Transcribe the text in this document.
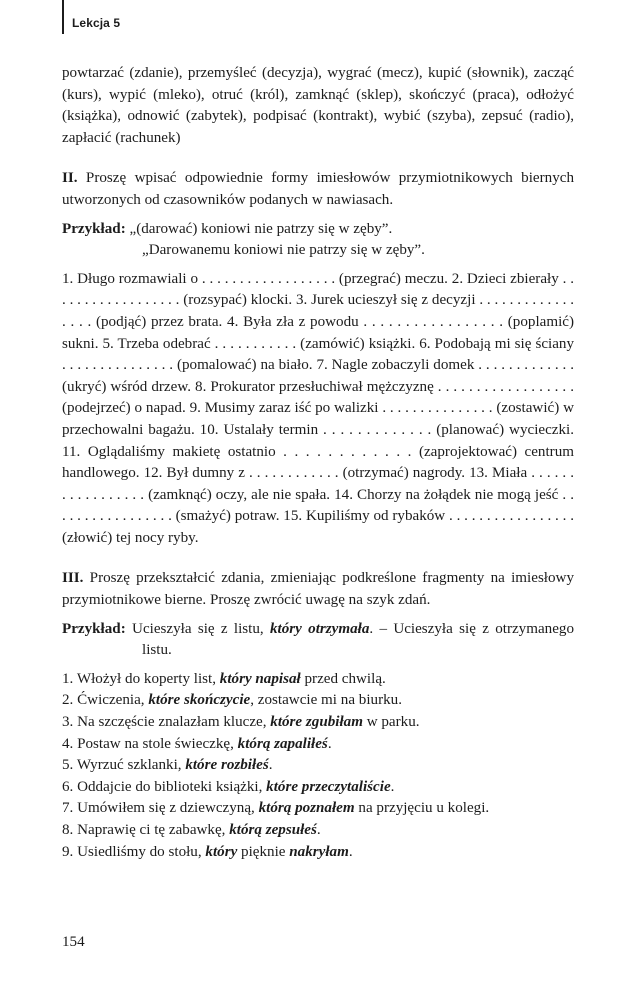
Lekcja 5

powtarzać (zdanie), przemyśleć (decyzja), wygrać (mecz), kupić (słownik), zacząć (kurs), wypić (mleko), otruć (król), zamknąć (sklep), skończyć (praca), odłożyć (książka), odnowić (zabytek), podpisać (kontrakt), wybić (szyba), zepsuć (radio), zapłacić (rachunek)

II. Proszę wpisać odpowiednie formy imiesłowów przymiotnikowych biernych utworzonych od czasowników podanych w nawiasach.

Przykład: „(darować) koniowi nie patrzy się w zęby”.

„Darowanemu koniowi nie patrzy się w zęby”.

1. Długo rozmawiali o . . . . . . . . . . . . . . . . . . (przegrać) meczu. 2. Dzieci zbierały . . . . . . . . . . . . . . . . . . (rozsypać) klocki. 3. Jurek ucieszył się z decyzji . . . . . . . . . . . . . . . . . (podjąć) przez brata. 4. Była zła z powodu . . . . . . . . . . . . . . . . . (poplamić) sukni. 5. Trzeba odebrać . . . . . . . . . . . (zamówić) książki. 6. Podobają mi się ściany . . . . . . . . . . . . . . . (pomalować) na biało. 7. Nagle zobaczyli domek . . . . . . . . . . . . . (ukryć) wśród drzew. 8. Prokurator przesłuchiwał mężczyznę . . . . . . . . . . . . . . . . . . (podejrzeć) o napad. 9. Musimy zaraz iść po walizki . . . . . . . . . . . . . . . (zostawić) w przechowalni bagażu. 10. Ustalały termin . . . . . . . . . . . . . (planować) wycieczki. 11. Oglądaliśmy makietę ostatnio . . . . . . . . . . . . (zaprojektować) centrum handlowego. 12. Był dumny z . . . . . . . . . . . . (otrzymać) nagrody. 13. Miała . . . . . . . . . . . . . . . . . (zamknąć) oczy, ale nie spała. 14. Chorzy na żołądek nie mogą jeść . . . . . . . . . . . . . . . . . (smażyć) potraw. 15. Kupiliśmy od rybaków . . . . . . . . . . . . . . . . . (złowić) tej nocy ryby.

III. Proszę przekształcić zdania, zmieniając podkreślone fragmenty na imiesłowy przymiotnikowe bierne. Proszę zwrócić uwagę na szyk zdań.

Przykład: Ucieszyła się z listu, który otrzymała. – Ucieszyła się z otrzymanego listu.

1. Włożył do koperty list, który napisał przed chwilą.
2. Ćwiczenia, które skończycie, zostawcie mi na biurku.
3. Na szczęście znalazłam klucze, które zgubiłam w parku.
4. Postaw na stole świeczkę, którą zapaliłeś.
5. Wyrzuć szklanki, które rozbiłeś.
6. Oddajcie do biblioteki książki, które przeczytaliście.
7. Umówiłem się z dziewczyną, którą poznałem na przyjęciu u kolegi.
8. Naprawię ci tę zabawkę, którą zepsułeś.
9. Usiedliśmy do stołu, który pięknie nakryłam.
154
